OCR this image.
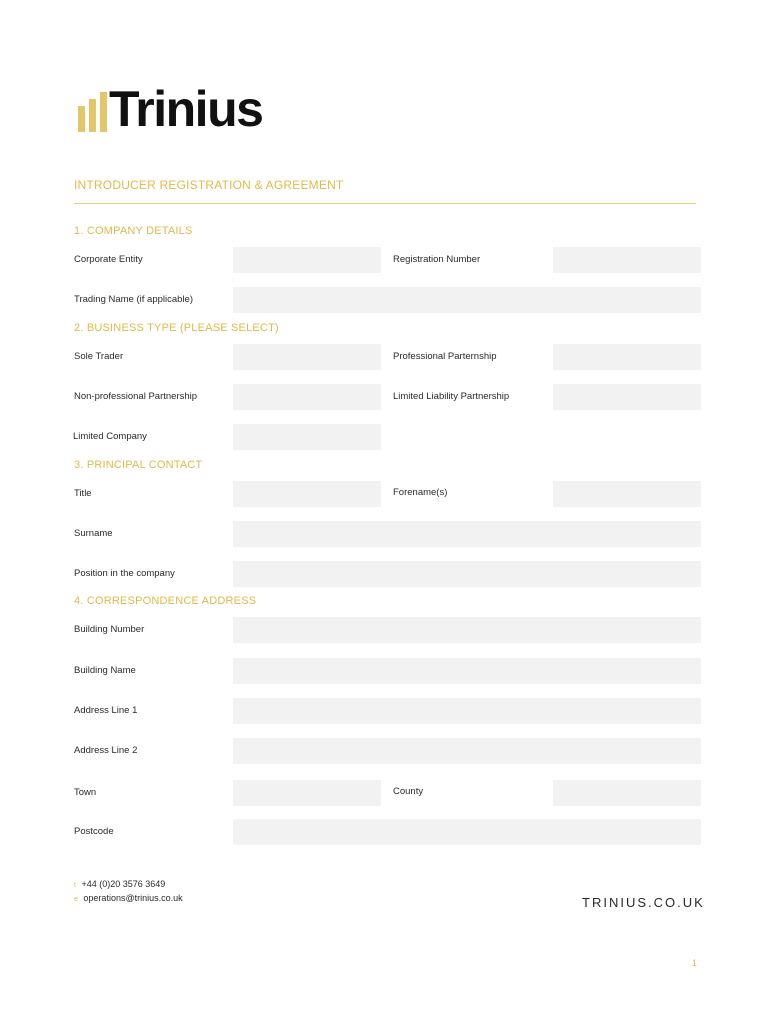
Trinius
INTRODUCER REGISTRATION & AGREEMENT
1. COMPANY DETAILS
Corporate Entity	Registration Number
Trading Name (if applicable)
2. BUSINESS TYPE (PLEASE SELECT)
Sole Trader	Professional Parternship
Non-professional Partnership	Limited Liability Partnership
Limited Company
3. PRINCIPAL CONTACT
Title	Forename(s)
Surname
Position in the company
4. CORRESPONDENCE ADDRESS
Building Number
Building Name
Address Line 1
Address Line 2
Town	County
Postcode
t +44 (0)20 3576 3649
e operations@trinius.co.uk	TRINIUS.CO.UK
1
